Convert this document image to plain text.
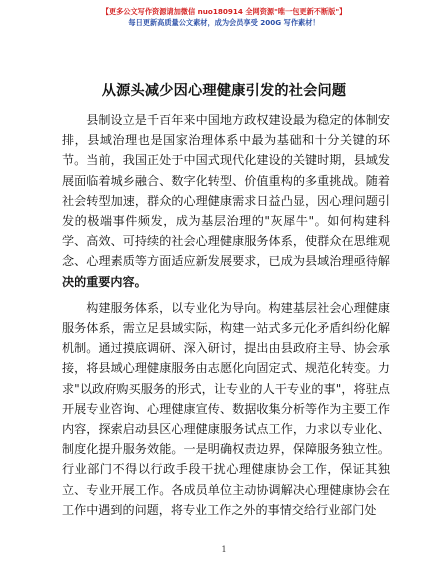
【更多公文写作资源请加微信 nuo180914 全网资源"唯一包更新不断版"】
每日更新高质量公文素材，成为会员享受 200G 写作素材！
从源头减少因心理健康引发的社会问题

县制设立是千百年来中国地方政权建设最为稳定的体制安排，县域治理也是国家治理体系中最为基础和十分关键的环节。当前，我国正处于中国式现代化建设的关键时期，县域发展面临着城乡融合、数字化转型、价值重构的多重挑战。随着社会转型加速，群众的心理健康需求日益凸显，因心理问题引发的极端事件频发，成为基层治理的"灰犀牛"。如何构建科学、高效、可持续的社会心理健康服务体系，使群众在思维观念、心理素质等方面适应新发展要求，已成为县域治理亟待解决的重要内容。

构建服务体系，以专业化为导向。构建基层社会心理健康服务体系，需立足县域实际，构建一站式多元化矛盾纠纷化解机制。通过摸底调研、深入研讨，提出由县政府主导、协会承接，将县域心理健康服务由志愿化向固定式、规范化转变。力求"以政府购买服务的形式，让专业的人干专业的事"，将驻点开展专业咨询、心理健康宣传、数据收集分析等作为主要工作内容，探索启动县区心理健康服务试点工作，力求以专业化、制度化提升服务效能。一是明确权责边界，保障服务独立性。行业部门不得以行政手段干扰心理健康协会工作，保证其独立、专业开展工作。各成员单位主动协调解决心理健康协会在工作中遇到的问题，将专业工作之外的事情交给行业部门处

1
